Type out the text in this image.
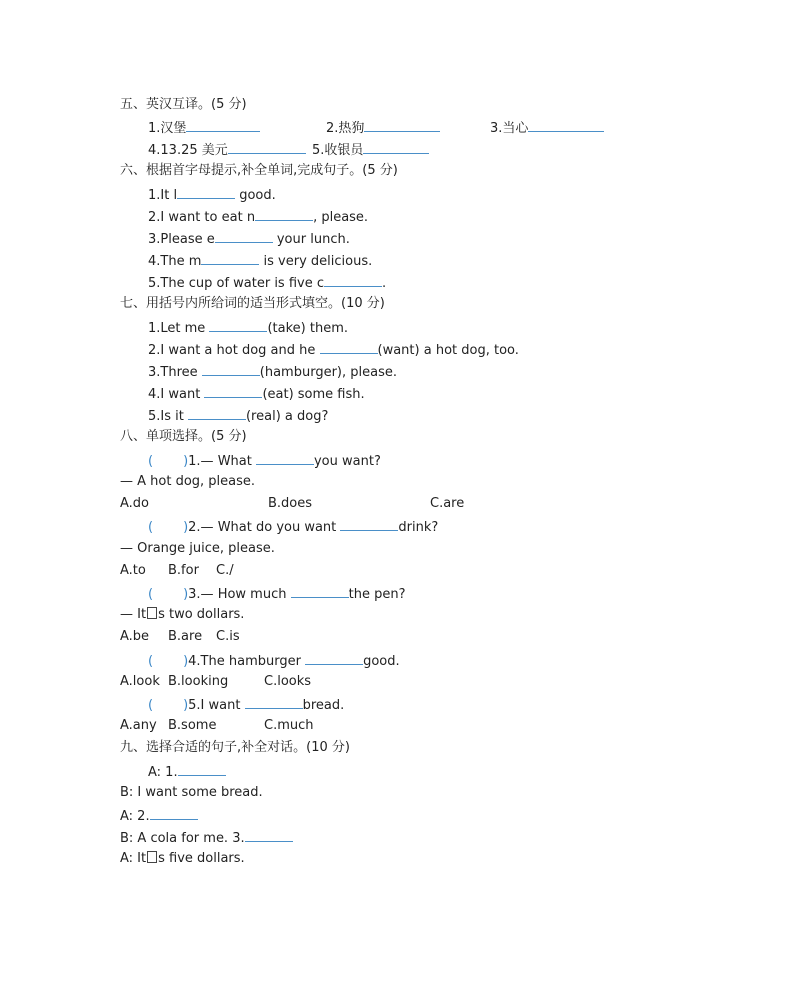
五、英汉互译。(5 分)
1.汉堡	2.热狗	3.当心
4.13.25 美元	5.收银员
六、根据首字母提示,补全单词,完成句子。(5 分)
1.It l	good.
2.I want to eat n	, please.
3.Please e	your lunch.
4.The m	is very delicious.
5.The cup of water is five c	.
七、用括号内所给词的适当形式填空。(10 分)
1.Let me	(take) them.
2.I want a hot dog and he	(want) a hot dog, too.
3.Three	(hamburger), please.
4.I want	(eat) some fish.
5.Is it	(real) a dog?
八、单项选择。(5 分)
( )1.— What	you want?
— A hot dog, please.
A.do	B.does	C.are
( )2.— What do you want	drink?
— Orange juice, please.
A.to B.for C./
( )3.— How much	the pen?
— It s two dollars.
A.be B.are C.is
( )4.The hamburger	good.
A.look B.looking	C.looks
( )5.I want	bread.
A.any B.some	C.much
九、选择合适的句子,补全对话。(10 分)
A: 1.
B: I want some bread.
A: 2.
B: A cola for me. 3.
A: It s five dollars.
